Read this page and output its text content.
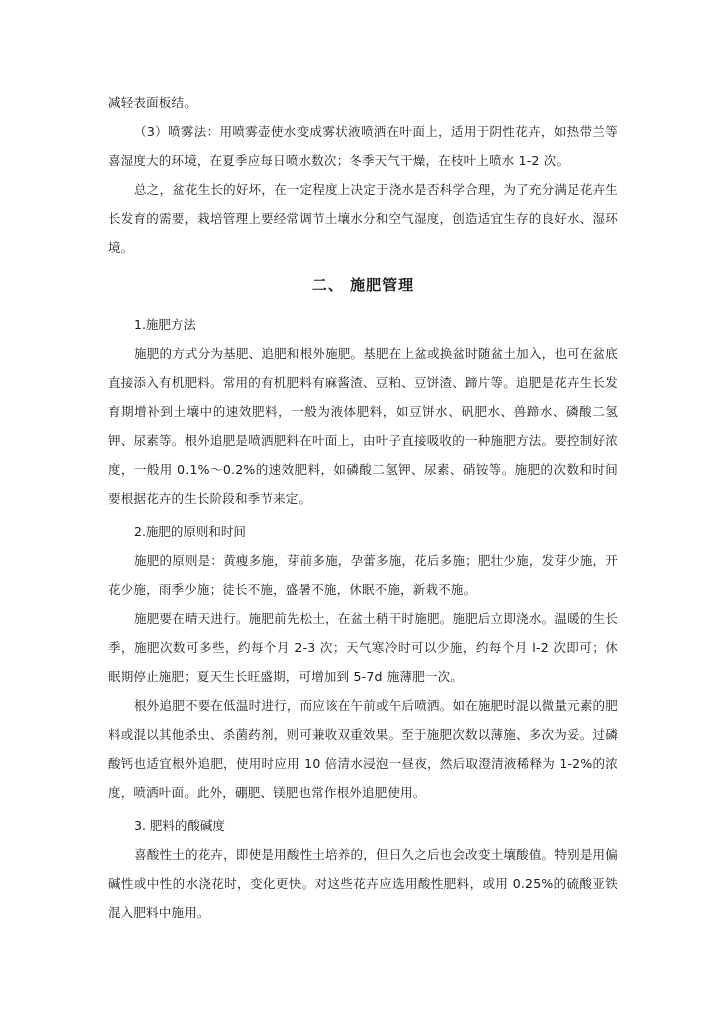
减轻表面板结。

（3）喷雾法：用喷雾壶使水变成雾状液喷洒在叶面上，适用于阴性花卉，如热带兰等喜湿度大的环境，在夏季应每日喷水数次；冬季天气干燥，在枝叶上喷水 1-2 次。

总之，盆花生长的好坏，在一定程度上决定于浇水是否科学合理，为了充分满足花卉生长发育的需要，栽培管理上要经常调节土壤水分和空气湿度，创造适宜生存的良好水、湿环境。

二、 施肥管理

1.施肥方法

施肥的方式分为基肥、追肥和根外施肥。基肥在上盆或换盆时随盆土加入，也可在盆底直接添入有机肥料。常用的有机肥料有麻酱渣、豆粕、豆饼渣、蹄片等。追肥是花卉生长发育期增补到土壤中的速效肥料，一般为液体肥料，如豆饼水、矾肥水、兽蹄水、磷酸二氢钾、尿素等。根外追肥是喷洒肥料在叶面上，由叶子直接吸收的一种施肥方法。要控制好浓度，一般用 0.1%～0.2%的速效肥料，如磷酸二氢钾、尿素、硝铵等。施肥的次数和时间要根据花卉的生长阶段和季节来定。

2.施肥的原则和时间

施肥的原则是：黄瘦多施，芽前多施，孕蕾多施，花后多施；肥壮少施，发芽少施，开花少施，雨季少施；徒长不施，盛暑不施，休眠不施，新栽不施。

施肥要在晴天进行。施肥前先松土，在盆土稍干时施肥。施肥后立即浇水。温暖的生长季，施肥次数可多些，约每个月 2-3 次；天气寒冷时可以少施，约每个月 l-2 次即可；休眠期停止施肥；夏天生长旺盛期，可增加到 5-7d 施薄肥一次。

根外追肥不要在低温时进行，而应该在午前或午后喷洒。如在施肥时混以微量元素的肥料或混以其他杀虫、杀菌药剂，则可兼收双重效果。至于施肥次数以薄施、多次为妥。过磷酸钙也适宜根外追肥，使用时应用 10 倍清水浸泡一昼夜，然后取澄清液稀释为 1-2%的浓度，喷洒叶面。此外，硼肥、镁肥也常作根外追肥使用。

3. 肥料的酸碱度

喜酸性土的花卉，即使是用酸性土培养的，但日久之后也会改变土壤酸值。特别是用偏碱性或中性的水浇花时，变化更快。对这些花卉应选用酸性肥料，或用 0.25%的硫酸亚铁混入肥料中施用。
